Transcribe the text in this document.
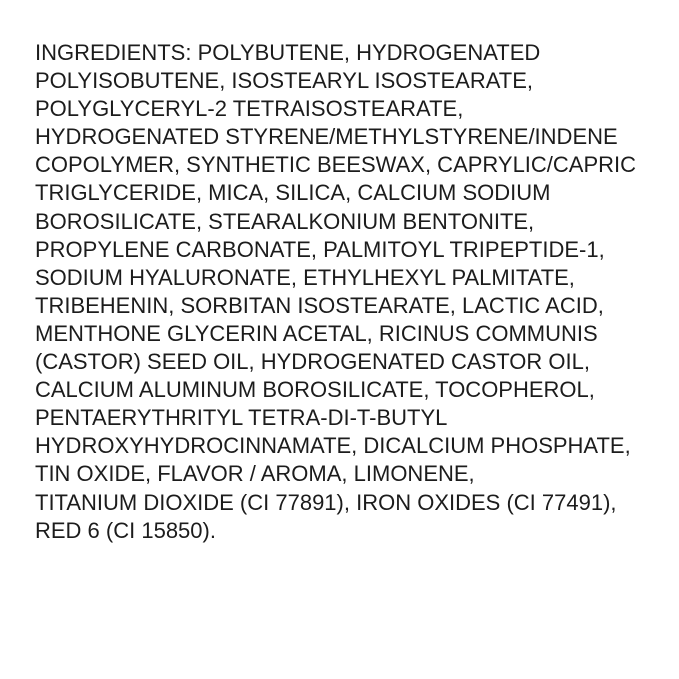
INGREDIENTS: POLYBUTENE, HYDROGENATED
POLYISOBUTENE, ISOSTEARYL ISOSTEARATE,
POLYGLYCERYL-2 TETRAISOSTEARATE,
HYDROGENATED STYRENE/METHYLSTYRENE/INDENE
COPOLYMER, SYNTHETIC BEESWAX, CAPRYLIC/CAPRIC
TRIGLYCERIDE, MICA, SILICA, CALCIUM SODIUM
BOROSILICATE, STEARALKONIUM BENTONITE,
PROPYLENE CARBONATE, PALMITOYL TRIPEPTIDE-1,
SODIUM HYALURONATE, ETHYLHEXYL PALMITATE,
TRIBEHENIN, SORBITAN ISOSTEARATE, LACTIC ACID,
MENTHONE GLYCERIN ACETAL, RICINUS COMMUNIS
(CASTOR) SEED OIL, HYDROGENATED CASTOR OIL,
CALCIUM ALUMINUM BOROSILICATE, TOCOPHEROL,
PENTAERYTHRITYL TETRA-DI-T-BUTYL
HYDROXYHYDROCINNAMATE, DICALCIUM PHOSPHATE,
TIN OXIDE, FLAVOR / AROMA, LIMONENE,
TITANIUM DIOXIDE (CI 77891), IRON OXIDES (CI 77491),
RED 6 (CI 15850).
